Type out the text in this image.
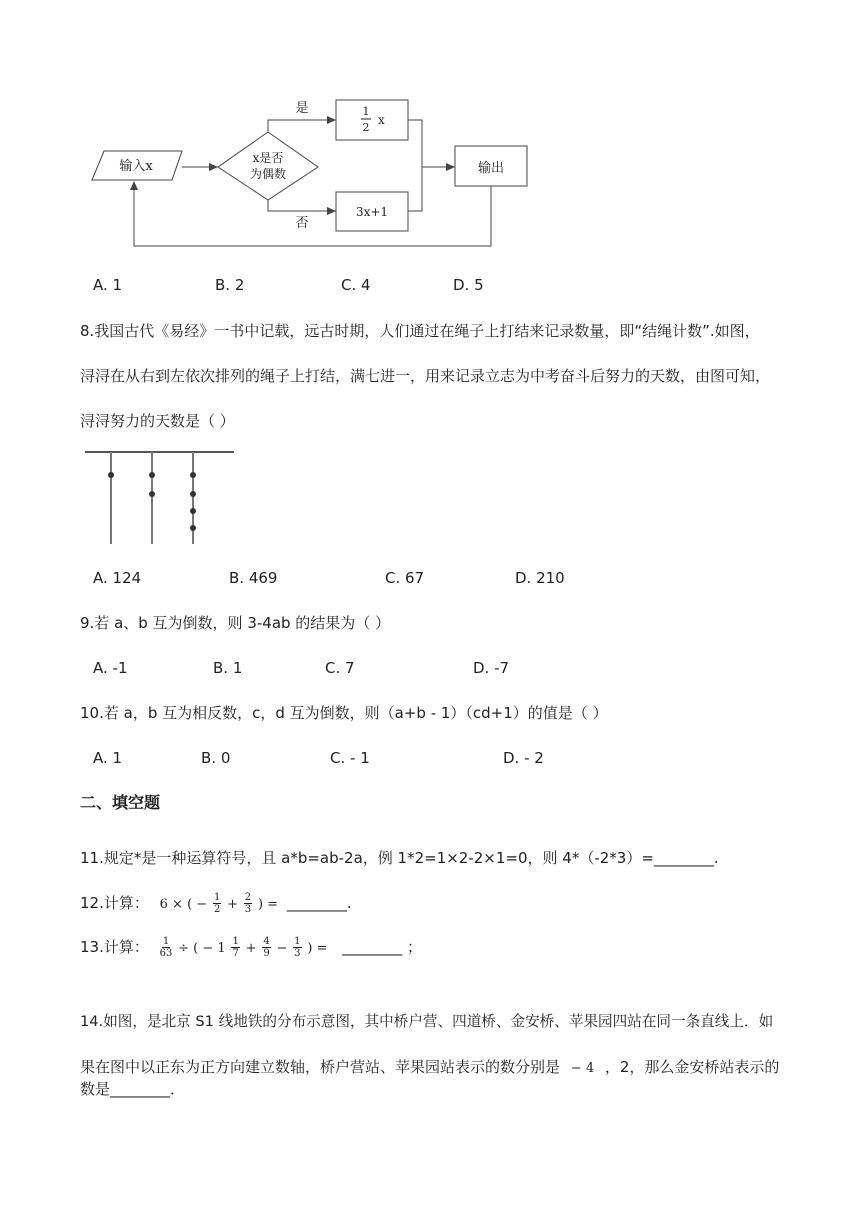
输入x
x是否
为偶数
是
否
1
2
x
3x+1
输出
A. 1	B. 2	C. 4	D. 5
8.我国古代《易经》一书中记载，远古时期，人们通过在绳子上打结来记录数量，即“结绳计数”.如图，
浔浔在从右到左依次排列的绳子上打结，满七进一，用来记录立志为中考奋斗后努力的天数，由图可知，
浔浔努力的天数是（ ）
A. 124	B. 469	C. 67	D. 210
9.若 a、b 互为倒数，则 3-4ab 的结果为（ ）
A. -1	B. 1	C. 7	D. -7
10.若 a，b 互为相反数，c，d 互为倒数，则（a+b - 1）（cd+1）的值是（ ）
A. 1	B. 0	C. - 1	D. - 2
二、填空题
11.规定*是一种运算符号，且 a*b=ab-2a，例 1*2=1×2-2×1=0，则 4*（-2*3）=________.
12.计算： 6 × ( − $\frac{1}{2} + \frac{2}{3}$ ) = ________.
13.计算： $\frac{1}{63}$ ÷ ( − $1 \frac{1}{7} + \frac{4}{9} - \frac{1}{3}$ ) = ________ ；
14.如图，是北京 S1 线地铁的分布示意图，其中桥户营、四道桥、金安桥、苹果园四站在同一条直线上．如
果在图中以正东为正方向建立数轴，桥户营站、苹果园站表示的数分别是 − 4 ，2，那么金安桥站表示的
数是________．
